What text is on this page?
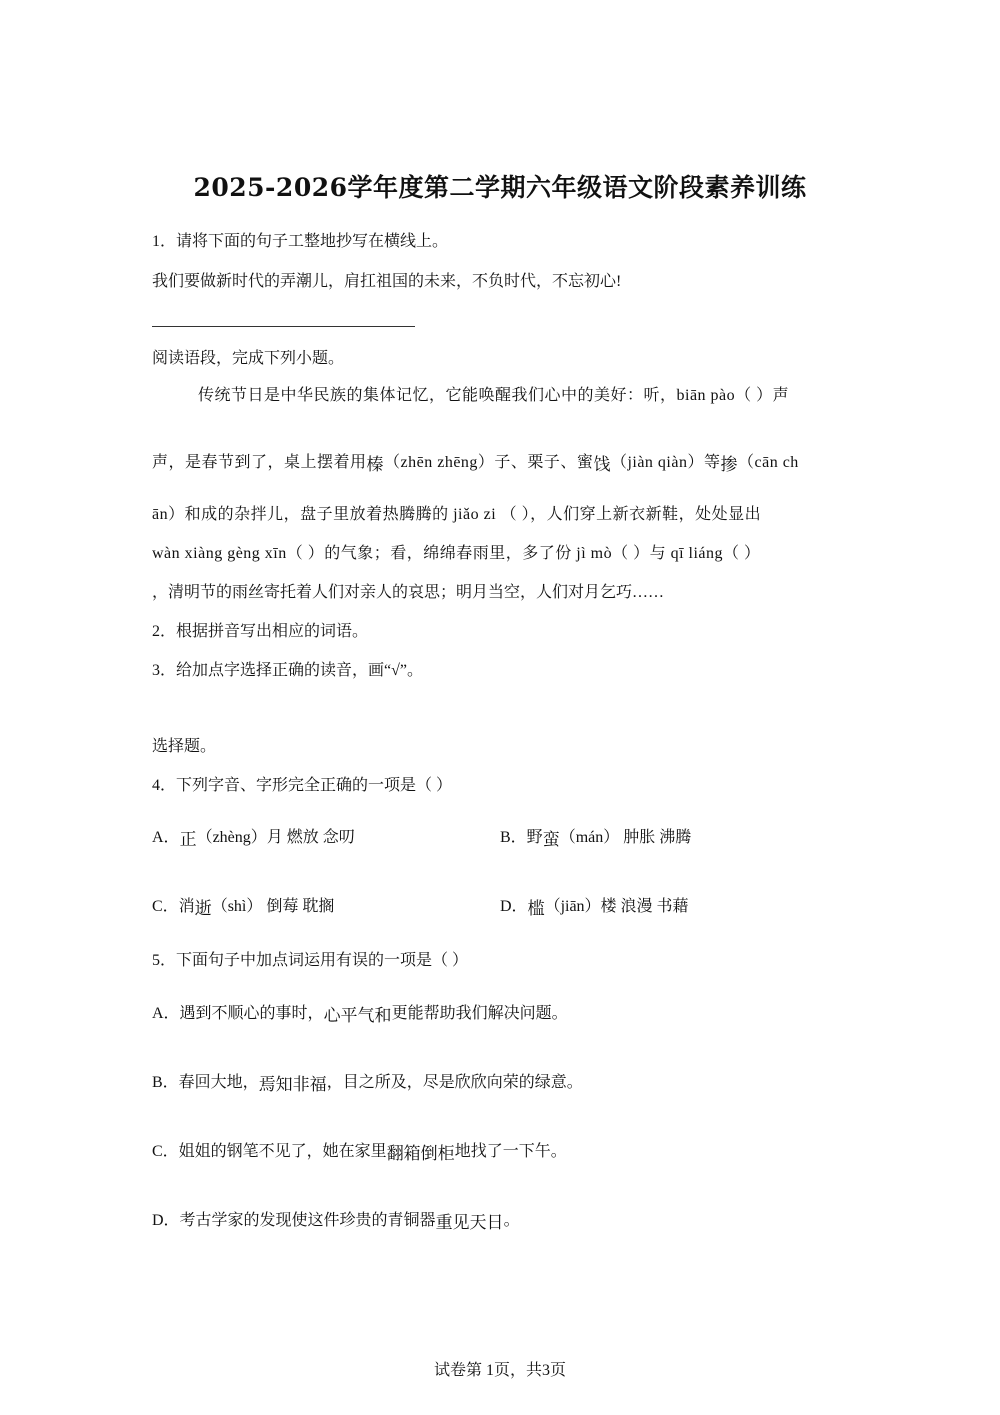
2025-2026学年度第二学期六年级语文阶段素养训练
1．请将下面的句子工整地抄写在横线上。
我们要做新时代的弄潮儿，肩扛祖国的未来，不负时代，不忘初心!
阅读语段，完成下列小题。
传统节日是中华民族的集体记忆，它能唤醒我们心中的美好：听，biān pào（ ）声
声，是春节到了，桌上摆着用榛（zhēn zhēng）子、栗子、蜜饯（jiàn qiàn）等掺（cān ch
ān）和成的杂拌儿，盘子里放着热腾腾的 jiǎo zi （ ），人们穿上新衣新鞋，处处显出
wàn xiàng gèng xīn（ ）的气象；看，绵绵春雨里，多了份 jì mò（ ）与 qī liáng（ ）
，清明节的雨丝寄托着人们对亲人的哀思；明月当空，人们对月乞巧……
2．根据拼音写出相应的词语。
3．给加点字选择正确的读音，画“√”。
选择题。
4．下列字音、字形完全正确的一项是（ ）
A．正（zhèng）月 燃放 念叨	B．野蛮（mán） 肿胀 沸腾
C．消逝（shì） 倒莓 耽搁	D．槛（jiān）楼 浪漫 书藉
5．下面句子中加点词运用有误的一项是（ ）
A．遇到不顺心的事时，心平气和更能帮助我们解决问题。
B．春回大地，焉知非福，目之所及，尽是欣欣向荣的绿意。
C．姐姐的钢笔不见了，她在家里翻箱倒柜地找了一下午。
D．考古学家的发现使这件珍贵的青铜器重见天日。
试卷第 1页，共3页
